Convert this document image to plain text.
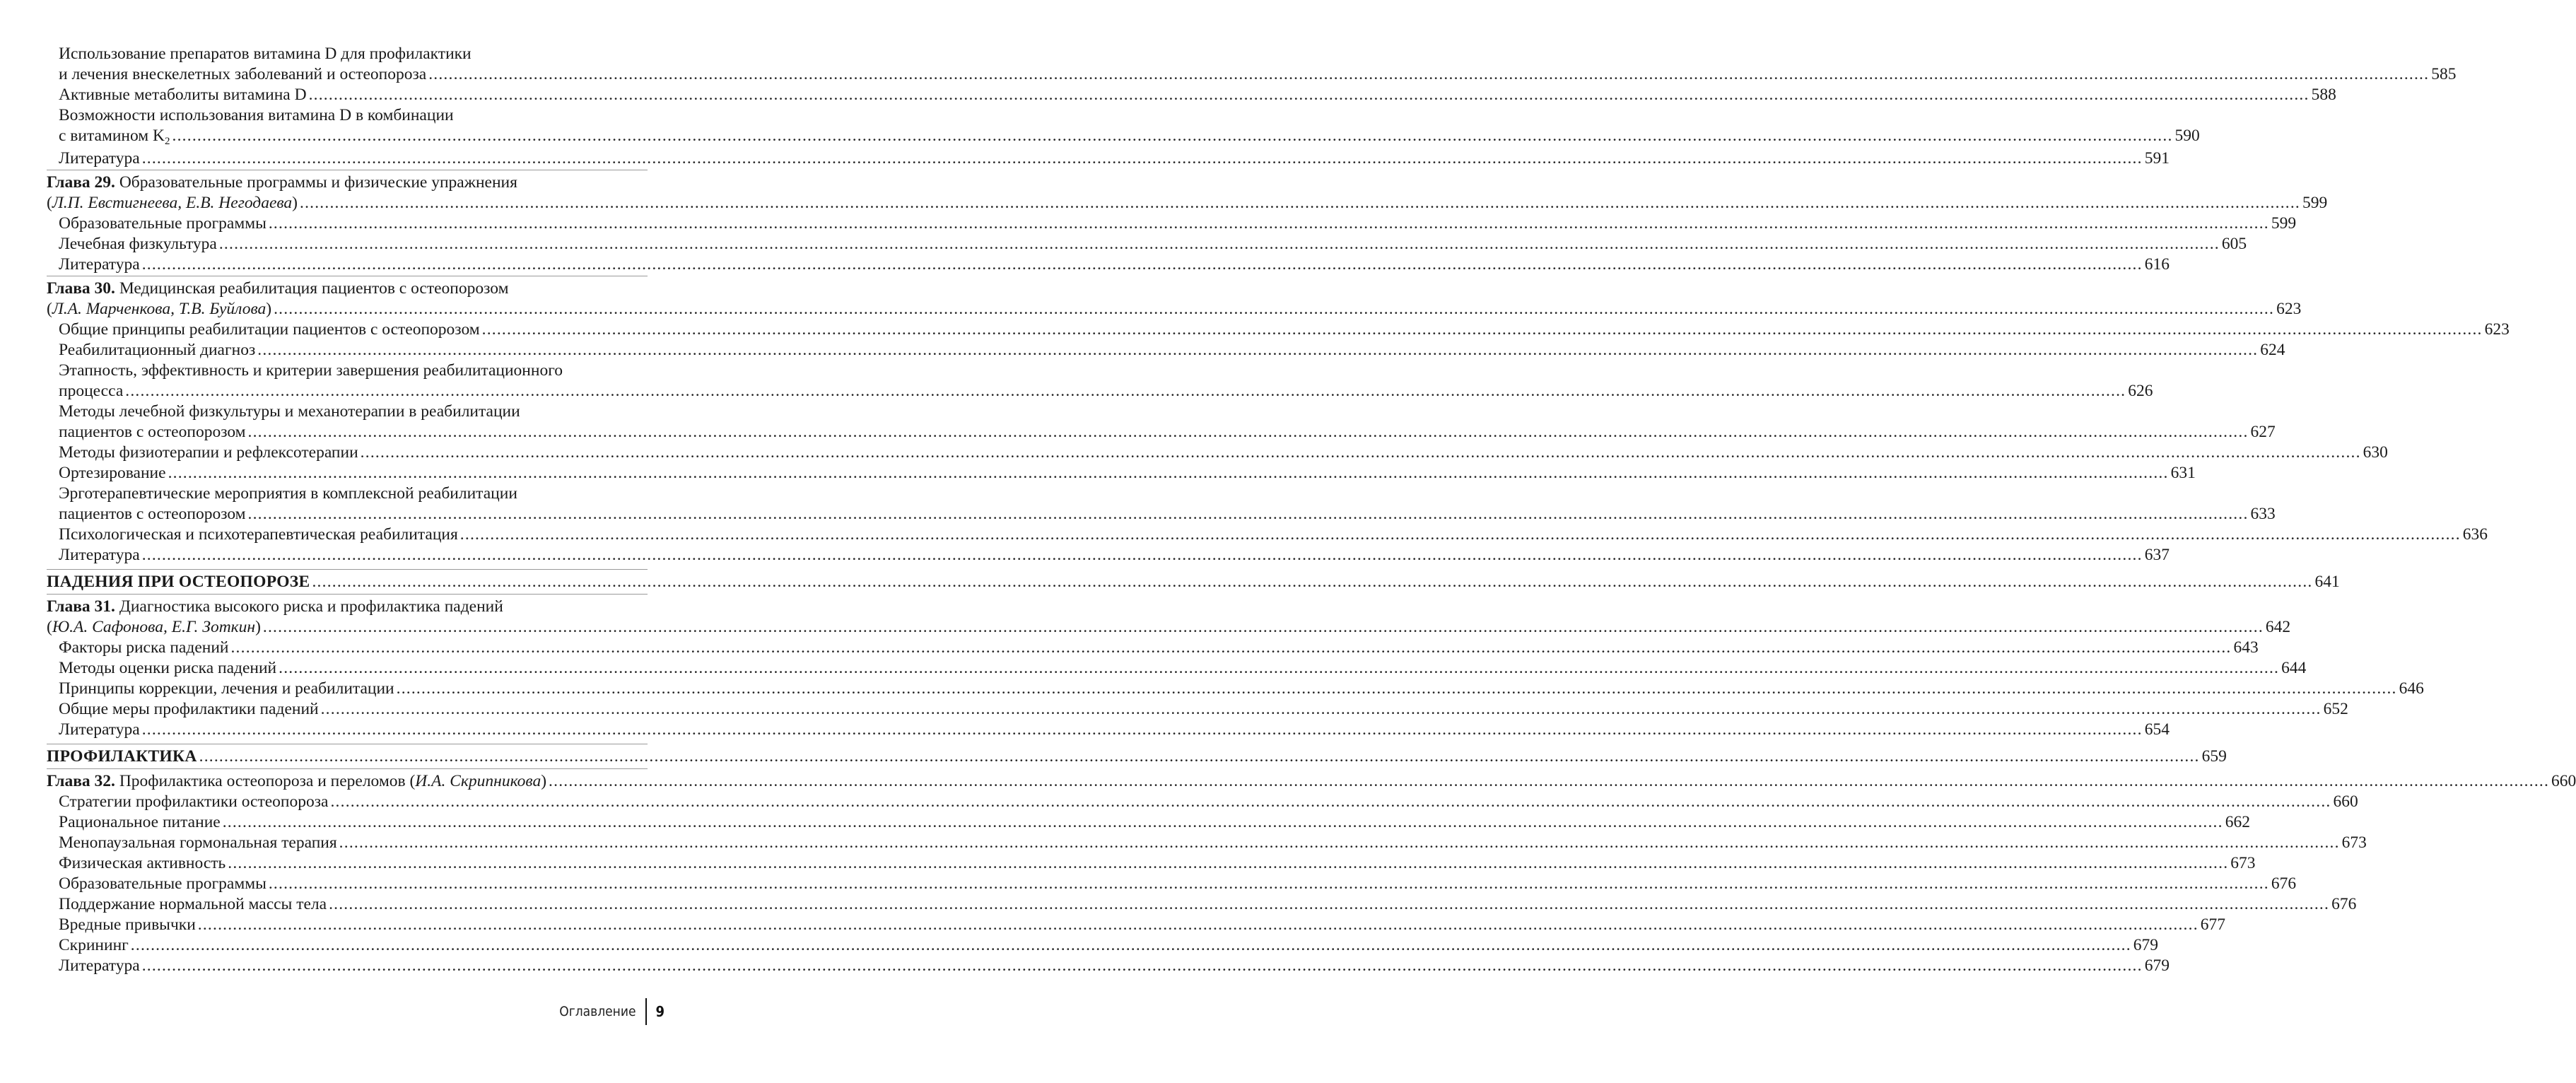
Использование препаратов витамина D для профилактики
и лечения внескелетных заболеваний и остеопороза ................................................................................................................................................................................................................................................................................................................................................................................................................ 585
Активные метаболиты витамина D ................................................................................................................................................................................................................................................................................................................................................................................................................ 588
Возможности использования витамина D в комбинации
с витамином $K_2$ ................................................................................................................................................................................................................................................................................................................................................................................................................ 590
Литература ................................................................................................................................................................................................................................................................................................................................................................................................................ 591
Глава 29. Образовательные программы и физические упражнения
(Л.П. Евстигнеева, Е.В. Негодаева) ................................................................................................................................................................................................................................................................................................................................................................................................................ 599
Образовательные программы ................................................................................................................................................................................................................................................................................................................................................................................................................ 599
Лечебная физкультура ................................................................................................................................................................................................................................................................................................................................................................................................................ 605
Литература ................................................................................................................................................................................................................................................................................................................................................................................................................ 616
Глава 30. Медицинская реабилитация пациентов с остеопорозом
(Л.А. Марченкова, Т.В. Буйлова) ................................................................................................................................................................................................................................................................................................................................................................................................................ 623
Общие принципы реабилитации пациентов с остеопорозом ................................................................................................................................................................................................................................................................................................................................................................................................................ 623
Реабилитационный диагноз ................................................................................................................................................................................................................................................................................................................................................................................................................ 624
Этапность, эффективность и критерии завершения реабилитационного
процесса ................................................................................................................................................................................................................................................................................................................................................................................................................ 626
Методы лечебной физкультуры и механотерапии в реабилитации
пациентов с остеопорозом ................................................................................................................................................................................................................................................................................................................................................................................................................ 627
Методы физиотерапии и рефлексотерапии ................................................................................................................................................................................................................................................................................................................................................................................................................ 630
Ортезирование ................................................................................................................................................................................................................................................................................................................................................................................................................ 631
Эрготерапевтические мероприятия в комплексной реабилитации
пациентов с остеопорозом ................................................................................................................................................................................................................................................................................................................................................................................................................ 633
Психологическая и психотерапевтическая реабилитация ................................................................................................................................................................................................................................................................................................................................................................................................................ 636
Литература ................................................................................................................................................................................................................................................................................................................................................................................................................ 637
ПАДЕНИЯ ПРИ ОСТЕОПОРОЗЕ ................................................................................................................................................................................................................................................................................................................................................................................................................ 641
Глава 31. Диагностика высокого риска и профилактика падений
(Ю.А. Сафонова, Е.Г. Зоткин) ................................................................................................................................................................................................................................................................................................................................................................................................................ 642
Факторы риска падений ................................................................................................................................................................................................................................................................................................................................................................................................................ 643
Методы оценки риска падений ................................................................................................................................................................................................................................................................................................................................................................................................................ 644
Принципы коррекции, лечения и реабилитации ................................................................................................................................................................................................................................................................................................................................................................................................................ 646
Общие меры профилактики падений ................................................................................................................................................................................................................................................................................................................................................................................................................ 652
Литература ................................................................................................................................................................................................................................................................................................................................................................................................................ 654
ПРОФИЛАКТИКА ................................................................................................................................................................................................................................................................................................................................................................................................................ 659
Глава 32. Профилактика остеопороза и переломов (И.А. Скрипникова) ................................................................................................................................................................................................................................................................................................................................................................................................................ 660
Стратегии профилактики остеопороза ................................................................................................................................................................................................................................................................................................................................................................................................................ 660
Рациональное питание ................................................................................................................................................................................................................................................................................................................................................................................................................ 662
Менопаузальная гормональная терапия ................................................................................................................................................................................................................................................................................................................................................................................................................ 673
Физическая активность ................................................................................................................................................................................................................................................................................................................................................................................................................ 673
Образовательные программы ................................................................................................................................................................................................................................................................................................................................................................................................................ 676
Поддержание нормальной массы тела ................................................................................................................................................................................................................................................................................................................................................................................................................ 676
Вредные привычки ................................................................................................................................................................................................................................................................................................................................................................................................................ 677
Скрининг ................................................................................................................................................................................................................................................................................................................................................................................................................ 679
Литература ................................................................................................................................................................................................................................................................................................................................................................................................................ 679
Оглавление	9
